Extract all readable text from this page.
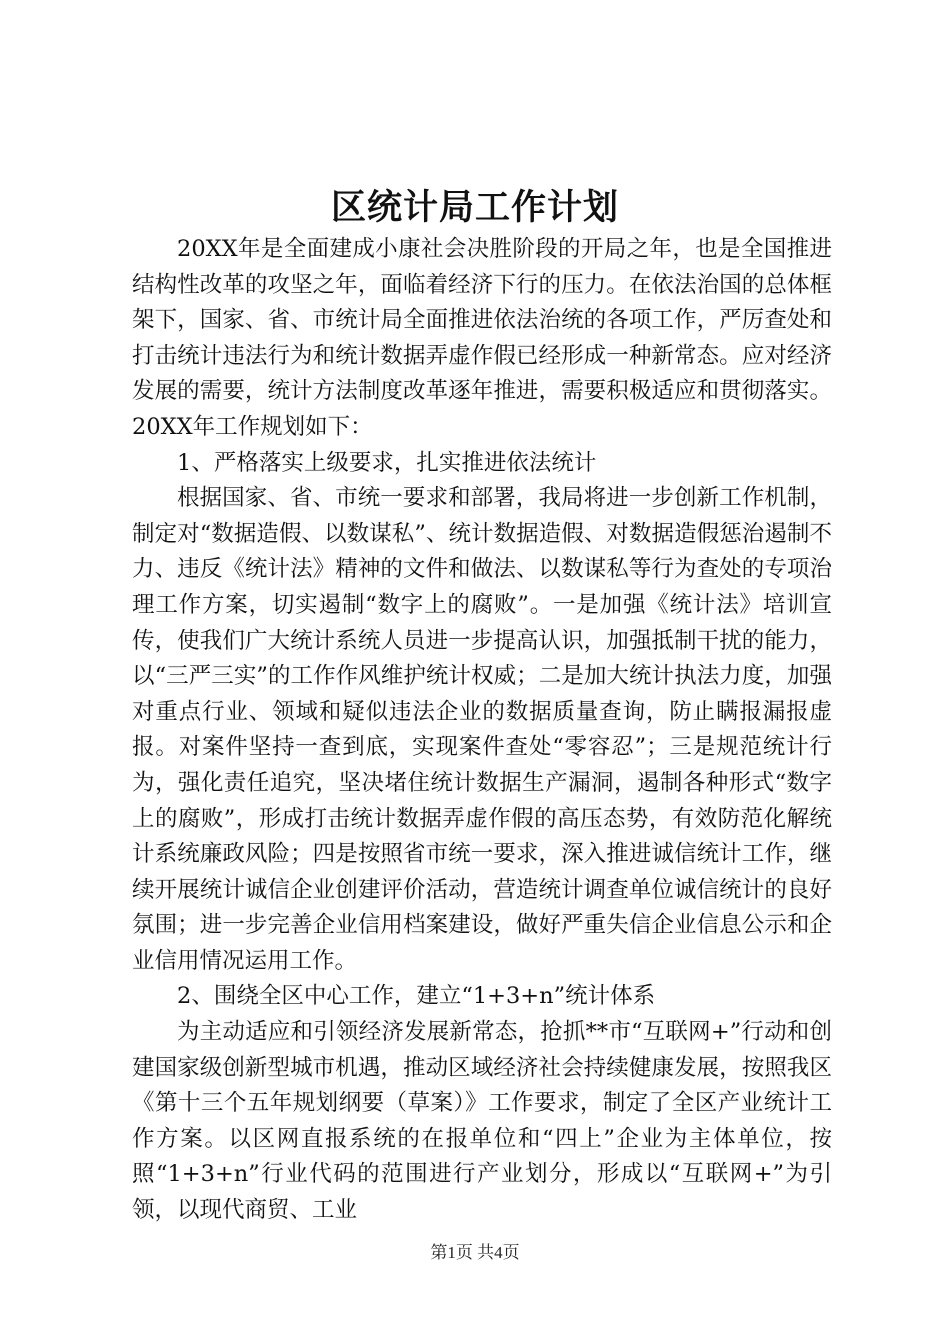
区统计局工作计划

20XX年是全面建成小康社会决胜阶段的开局之年，也是全国推进结构性改革的攻坚之年，面临着经济下行的压力。在依法治国的总体框架下，国家、省、市统计局全面推进依法治统的各项工作，严厉查处和打击统计违法行为和统计数据弄虚作假已经形成一种新常态。应对经济发展的需要，统计方法制度改革逐年推进，需要积极适应和贯彻落实。20XX年工作规划如下：

1、严格落实上级要求，扎实推进依法统计

根据国家、省、市统一要求和部署，我局将进一步创新工作机制，制定对“数据造假、以数谋私”、统计数据造假、对数据造假惩治遏制不力、违反《统计法》精神的文件和做法、以数谋私等行为查处的专项治理工作方案，切实遏制“数字上的腐败”。一是加强《统计法》培训宣传，使我们广大统计系统人员进一步提高认识，加强抵制干扰的能力，以“三严三实”的工作作风维护统计权威；二是加大统计执法力度，加强对重点行业、领域和疑似违法企业的数据质量查询，防止瞒报漏报虚报。对案件坚持一查到底，实现案件查处“零容忍”；三是规范统计行为，强化责任追究，坚决堵住统计数据生产漏洞，遏制各种形式“数字上的腐败”，形成打击统计数据弄虚作假的高压态势，有效防范化解统计系统廉政风险；四是按照省市统一要求，深入推进诚信统计工作，继续开展统计诚信企业创建评价活动，营造统计调查单位诚信统计的良好氛围；进一步完善企业信用档案建设，做好严重失信企业信息公示和企业信用情况运用工作。

2、围绕全区中心工作，建立“1+3+n”统计体系

为主动适应和引领经济发展新常态，抢抓**市“互联网+”行动和创建国家级创新型城市机遇，推动区域经济社会持续健康发展，按照我区《第十三个五年规划纲要（草案）》工作要求，制定了全区产业统计工作方案。以区网直报系统的在报单位和“四上”企业为主体单位，按照“1+3+n”行业代码的范围进行产业划分，形成以“互联网+”为引领，以现代商贸、工业

第1页 共4页
